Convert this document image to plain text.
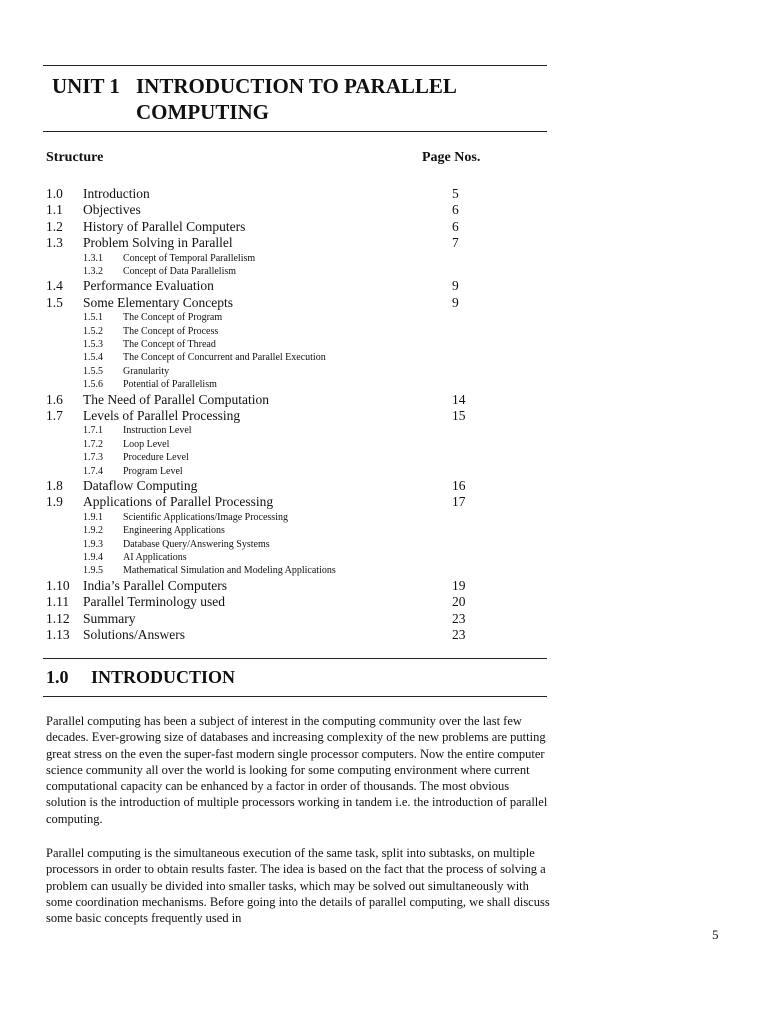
UNIT 1 INTRODUCTION TO PARALLEL
COMPUTING
Structure	Page Nos.
1.0 Introduction	5
1.1 Objectives	6
1.2 History of Parallel Computers	6
1.3 Problem Solving in Parallel	7
1.3.1 Concept of Temporal Parallelism
1.3.2 Concept of Data Parallelism
1.4 Performance Evaluation	9
1.5 Some Elementary Concepts	9
1.5.1 The Concept of Program
1.5.2 The Concept of Process
1.5.3 The Concept of Thread
1.5.4 The Concept of Concurrent and Parallel Execution
1.5.5 Granularity
1.5.6 Potential of Parallelism
1.6 The Need of Parallel Computation	14
1.7 Levels of Parallel Processing	15
1.7.1 Instruction Level
1.7.2 Loop Level
1.7.3 Procedure Level
1.7.4 Program Level
1.8 Dataflow Computing	16
1.9 Applications of Parallel Processing	17
1.9.1 Scientific Applications/Image Processing
1.9.2 Engineering Applications
1.9.3 Database Query/Answering Systems
1.9.4 AI Applications
1.9.5 Mathematical Simulation and Modeling Applications
1.10 India’s Parallel Computers	19
1.11 Parallel Terminology used	20
1.12 Summary	23
1.13 Solutions/Answers	23
1.0 INTRODUCTION
Parallel computing has been a subject of interest in the computing community over the last few decades. Ever-growing size of databases and increasing complexity of the new problems are putting great stress on the even the super-fast modern single processor computers. Now the entire computer science community all over the world is looking for some computing environment where current computational capacity can be enhanced by a factor in order of thousands. The most obvious solution is the introduction of multiple processors working in tandem i.e. the introduction of parallel computing.
Parallel computing is the simultaneous execution of the same task, split into subtasks, on multiple processors in order to obtain results faster. The idea is based on the fact that the process of solving a problem can usually be divided into smaller tasks, which may be solved out simultaneously with some coordination mechanisms. Before going into the details of parallel computing, we shall discuss some basic concepts frequently used in
5
